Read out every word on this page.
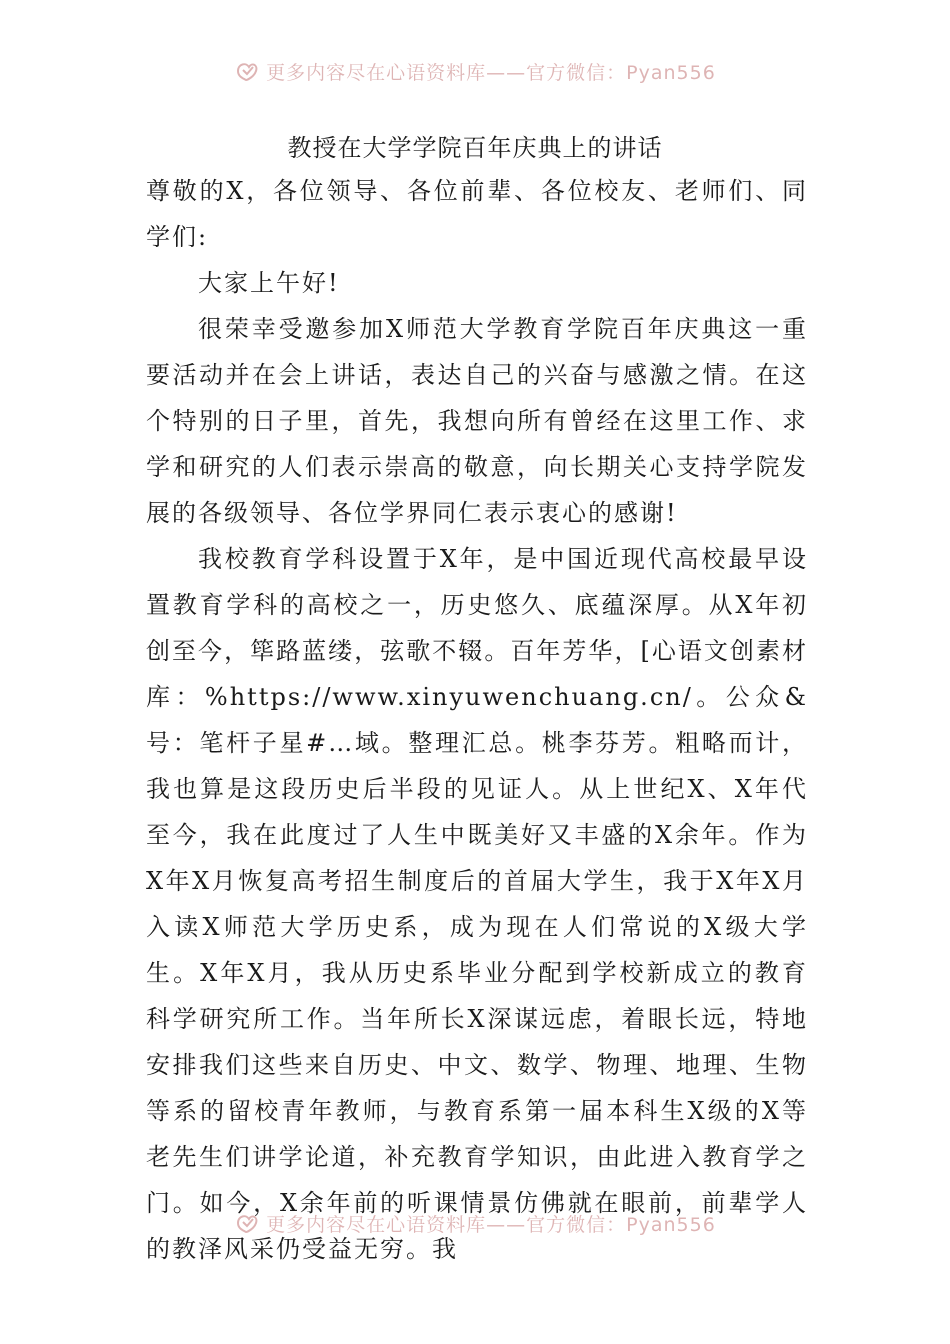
更多内容尽在心语资料库——官方微信：Pyan556
教授在大学学院百年庆典上的讲话

尊敬的X，各位领导、各位前辈、各位校友、老师们、同学们:

大家上午好!

很荣幸受邀参加X师范大学教育学院百年庆典这一重要活动并在会上讲话，表达自己的兴奋与感激之情。在这个特别的日子里，首先，我想向所有曾经在这里工作、求学和研究的人们表示崇高的敬意，向长期关心支持学院发展的各级领导、各位学界同仁表示衷心的感谢!

我校教育学科设置于X年，是中国近现代高校最早设置教育学科的高校之一，历史悠久、底蕴深厚。从X年初创至今，筚路蓝缕，弦歌不辍。百年芳华，[心语文创素材库：%https://www.xinyuwenchuang.cn/。公众&号：笔杆子星#…域。整理汇总。桃李芬芳。粗略而计，我也算是这段历史后半段的见证人。从上世纪X、X年代至今，我在此度过了人生中既美好又丰盛的X余年。作为X年X月恢复高考招生制度后的首届大学生，我于X年X月入读X师范大学历史系，成为现在人们常说的X级大学生。X年X月，我从历史系毕业分配到学校新成立的教育科学研究所工作。当年所长X深谋远虑，着眼长远，特地安排我们这些来自历史、中文、数学、物理、地理、生物等系的留校青年教师，与教育系第一届本科生X级的X等老先生们讲学论道，补充教育学知识，由此进入教育学之门。如今，X余年前的听课情景仿佛就在眼前，前辈学人的教泽风采仍受益无穷。我

更多内容尽在心语资料库——官方微信：Pyan556
